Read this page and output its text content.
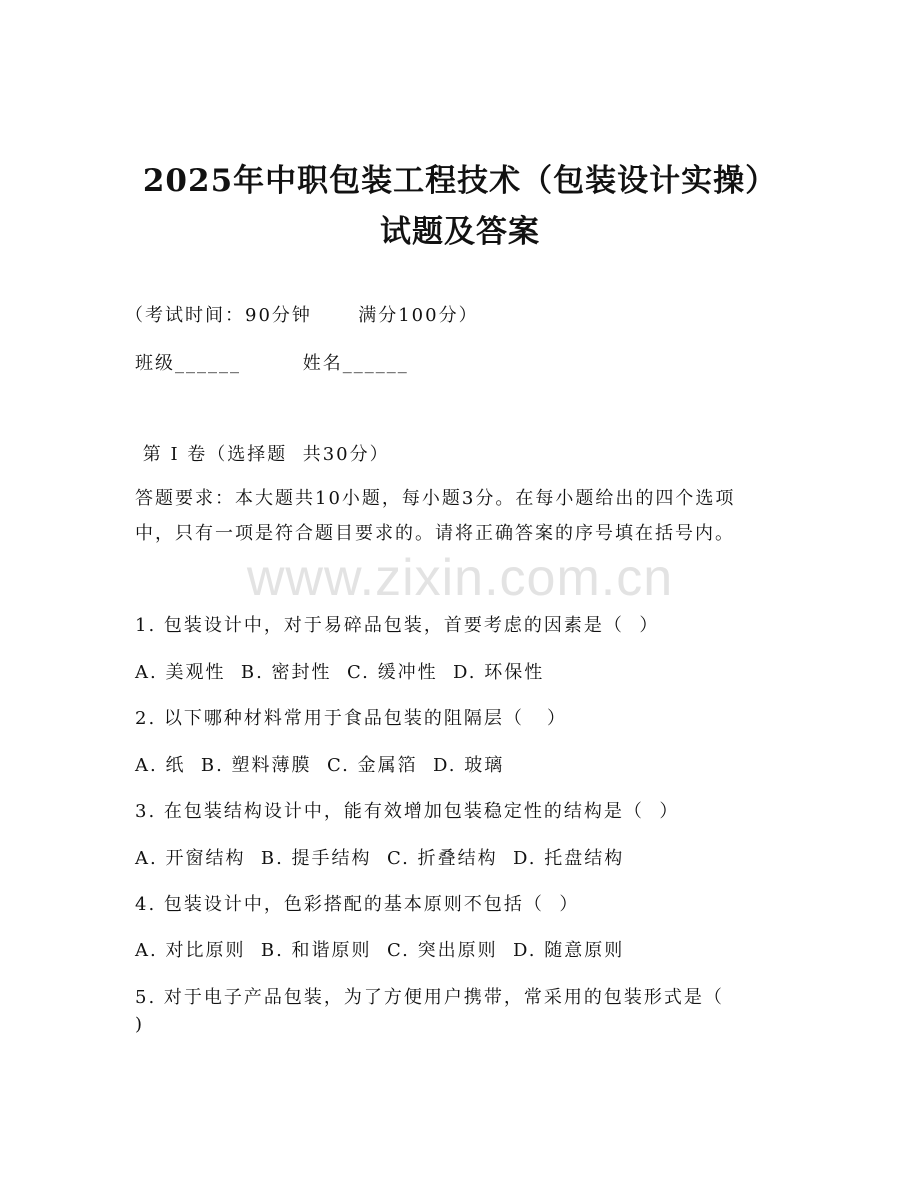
2025年中职包装工程技术（包装设计实操）
试题及答案
（考试时间：90分钟      满分100分）
班级______        姓名______
第 I 卷（选择题  共30分）
答题要求：本大题共10小题，每小题3分。在每小题给出的四个选项
中，只有一项是符合题目要求的。请将正确答案的序号填在括号内。
www.zixin.com.cn
1. 包装设计中，对于易碎品包装，首要考虑的因素是（  ）
A. 美观性  B. 密封性  C. 缓冲性  D. 环保性
2. 以下哪种材料常用于食品包装的阻隔层（   ）
A. 纸  B. 塑料薄膜  C. 金属箔  D. 玻璃
3. 在包装结构设计中，能有效增加包装稳定性的结构是（  ）
A. 开窗结构  B. 提手结构  C. 折叠结构  D. 托盘结构
4. 包装设计中，色彩搭配的基本原则不包括（  ）
A. 对比原则  B. 和谐原则  C. 突出原则  D. 随意原则
5. 对于电子产品包装，为了方便用户携带，常采用的包装形式是（
)
